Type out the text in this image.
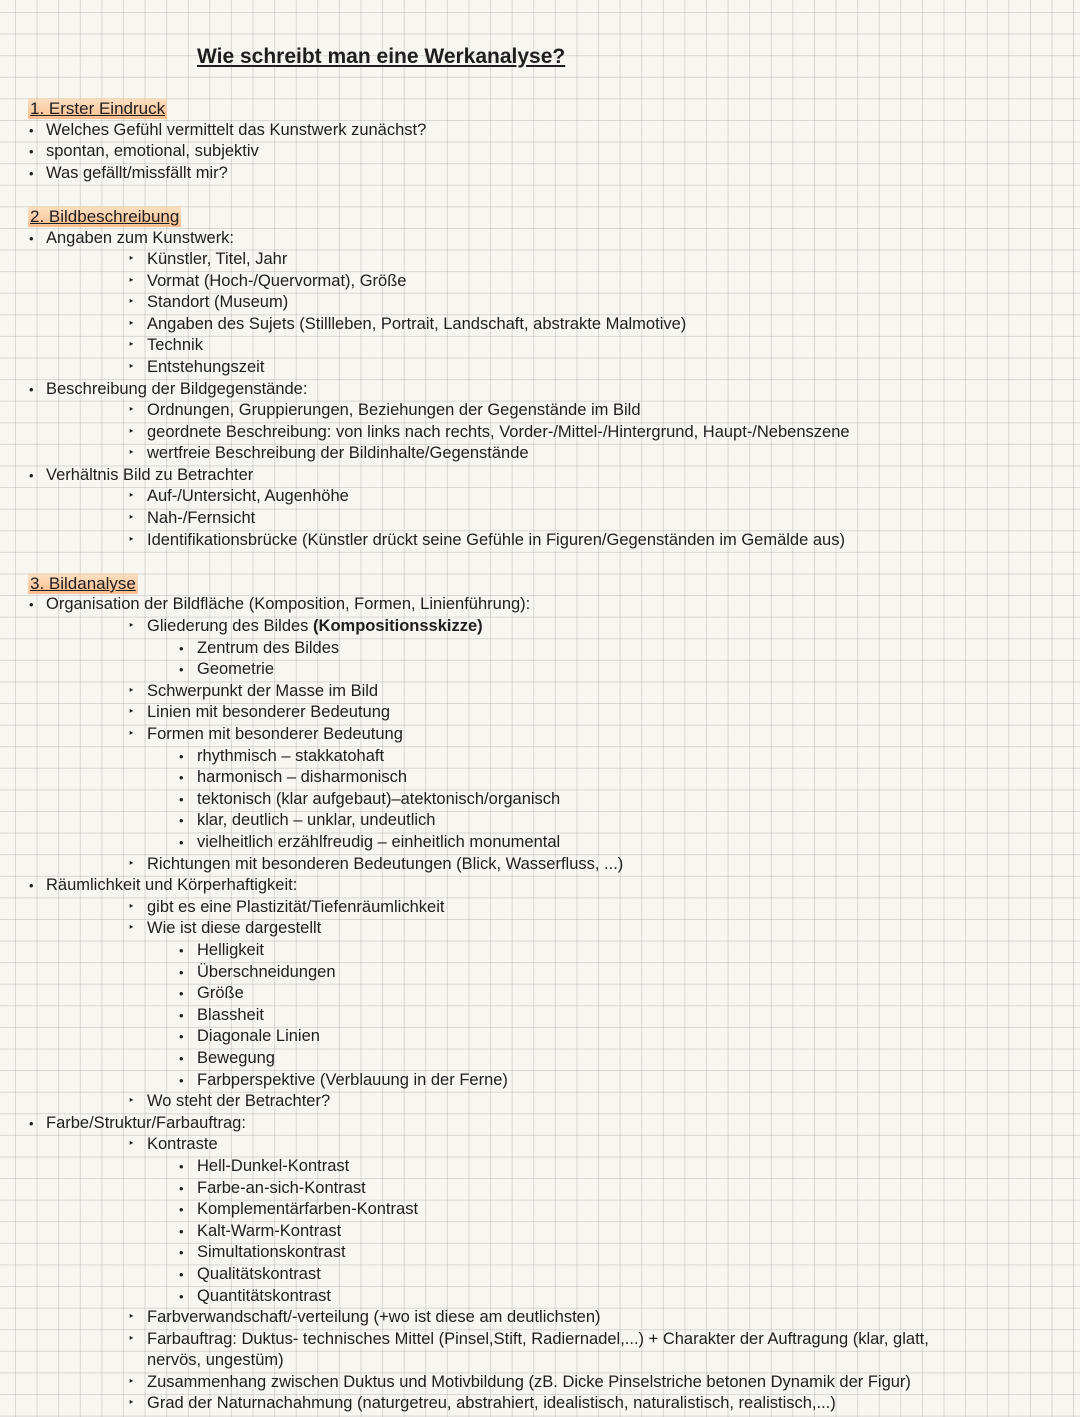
Wie schreibt man eine Werkanalyse?
1. Erster Eindruck
• Welches Gefühl vermittelt das Kunstwerk zunächst?
• spontan, emotional, subjektiv
• Was gefällt/missfällt mir?
2. Bildbeschreibung
• Angaben zum Kunstwerk:
‣ Künstler, Titel, Jahr
‣ Vormat (Hoch-/Quervormat), Größe
‣ Standort (Museum)
‣ Angaben des Sujets (Stillleben, Portrait, Landschaft, abstrakte Malmotive)
‣ Technik
‣ Entstehungszeit
• Beschreibung der Bildgegenstände:
‣ Ordnungen, Gruppierungen, Beziehungen der Gegenstände im Bild
‣ geordnete Beschreibung: von links nach rechts, Vorder-/Mittel-/Hintergrund, Haupt-/Nebenszene
‣ wertfreie Beschreibung der Bildinhalte/Gegenstände
• Verhältnis Bild zu Betrachter
‣ Auf-/Untersicht, Augenhöhe
‣ Nah-/Fernsicht
‣ Identifikationsbrücke (Künstler drückt seine Gefühle in Figuren/Gegenständen im Gemälde aus)
3. Bildanalyse
• Organisation der Bildfläche (Komposition, Formen, Linienführung):
‣ Gliederung des Bildes (Kompositionsskizze)
• Zentrum des Bildes
• Geometrie
‣ Schwerpunkt der Masse im Bild
‣ Linien mit besonderer Bedeutung
‣ Formen mit besonderer Bedeutung
• rhythmisch – stakkatohaft
• harmonisch – disharmonisch
• tektonisch (klar aufgebaut)–atektonisch/organisch
• klar, deutlich – unklar, undeutlich
• vielheitlich erzählfreudig – einheitlich monumental
‣ Richtungen mit besonderen Bedeutungen (Blick, Wasserfluss, ...)
• Räumlichkeit und Körperhaftigkeit:
‣ gibt es eine Plastizität/Tiefenräumlichkeit
‣ Wie ist diese dargestellt
• Helligkeit
• Überschneidungen
• Größe
• Blassheit
• Diagonale Linien
• Bewegung
• Farbperspektive (Verblauung in der Ferne)
‣ Wo steht der Betrachter?
• Farbe/Struktur/Farbauftrag:
‣ Kontraste
• Hell-Dunkel-Kontrast
• Farbe-an-sich-Kontrast
• Komplementärfarben-Kontrast
• Kalt-Warm-Kontrast
• Simultationskontrast
• Qualitätskontrast
• Quantitätskontrast
‣ Farbverwandschaft/-verteilung (+wo ist diese am deutlichsten)
‣ Farbauftrag: Duktus- technisches Mittel (Pinsel,Stift, Radiernadel,...) + Charakter der Auftragung (klar, glatt,
nervös, ungestüm)
‣ Zusammenhang zwischen Duktus und Motivbildung (zB. Dicke Pinselstriche betonen Dynamik der Figur)
‣ Grad der Naturnachahmung (naturgetreu, abstrahiert, idealistisch, naturalistisch, realistisch,...)
